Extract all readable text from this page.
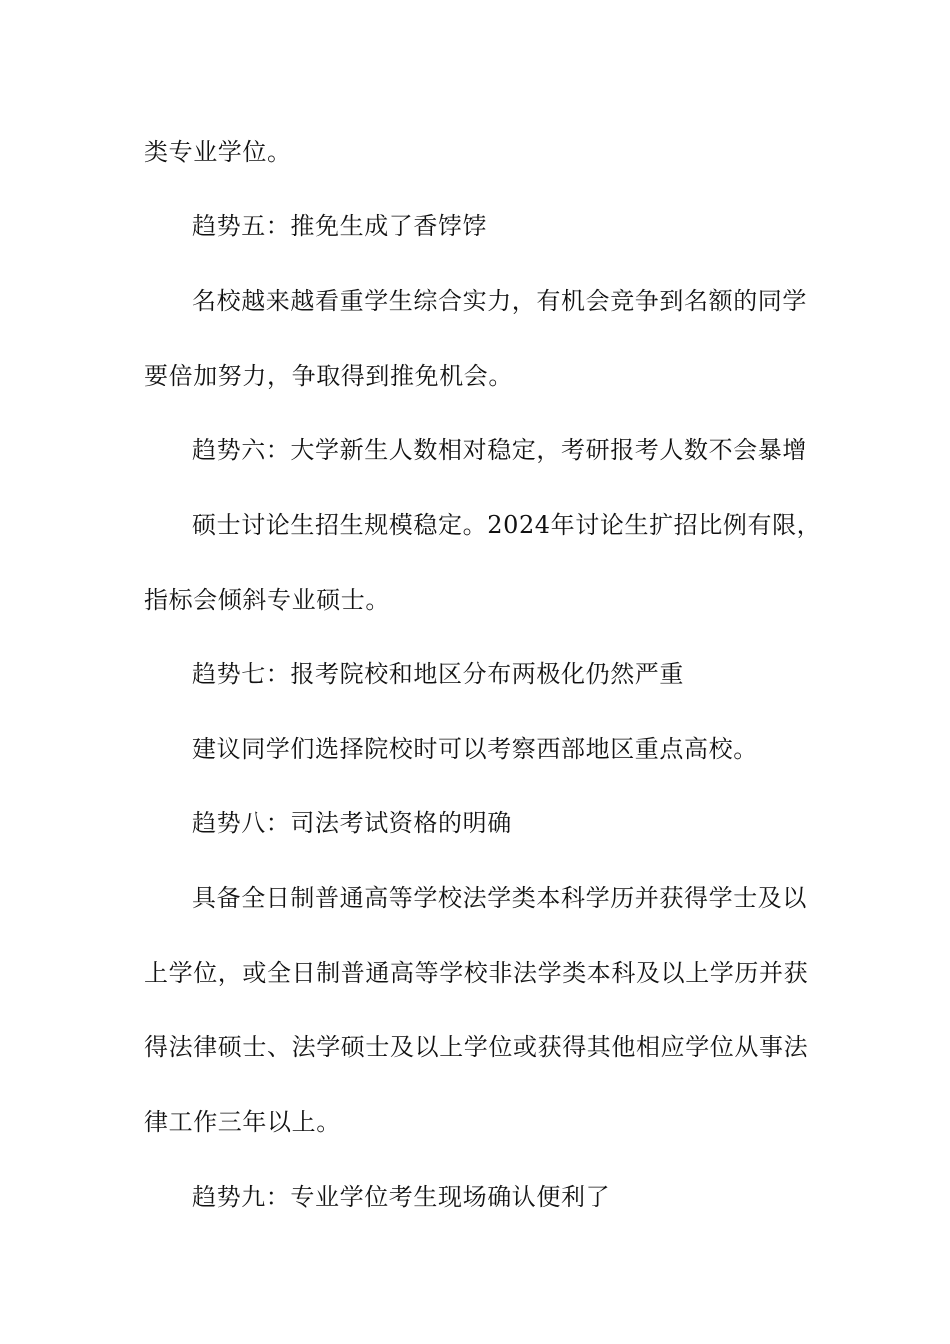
类专业学位。
趋势五：推免生成了香饽饽
名校越来越看重学生综合实力，有机会竞争到名额的同学
要倍加努力，争取得到推免机会。
趋势六：大学新生人数相对稳定，考研报考人数不会暴增
硕士讨论生招生规模稳定。2024年讨论生扩招比例有限，
指标会倾斜专业硕士。
趋势七：报考院校和地区分布两极化仍然严重
建议同学们选择院校时可以考察西部地区重点高校。
趋势八：司法考试资格的明确
具备全日制普通高等学校法学类本科学历并获得学士及以
上学位，或全日制普通高等学校非法学类本科及以上学历并获
得法律硕士、法学硕士及以上学位或获得其他相应学位从事法
律工作三年以上。
趋势九：专业学位考生现场确认便利了
